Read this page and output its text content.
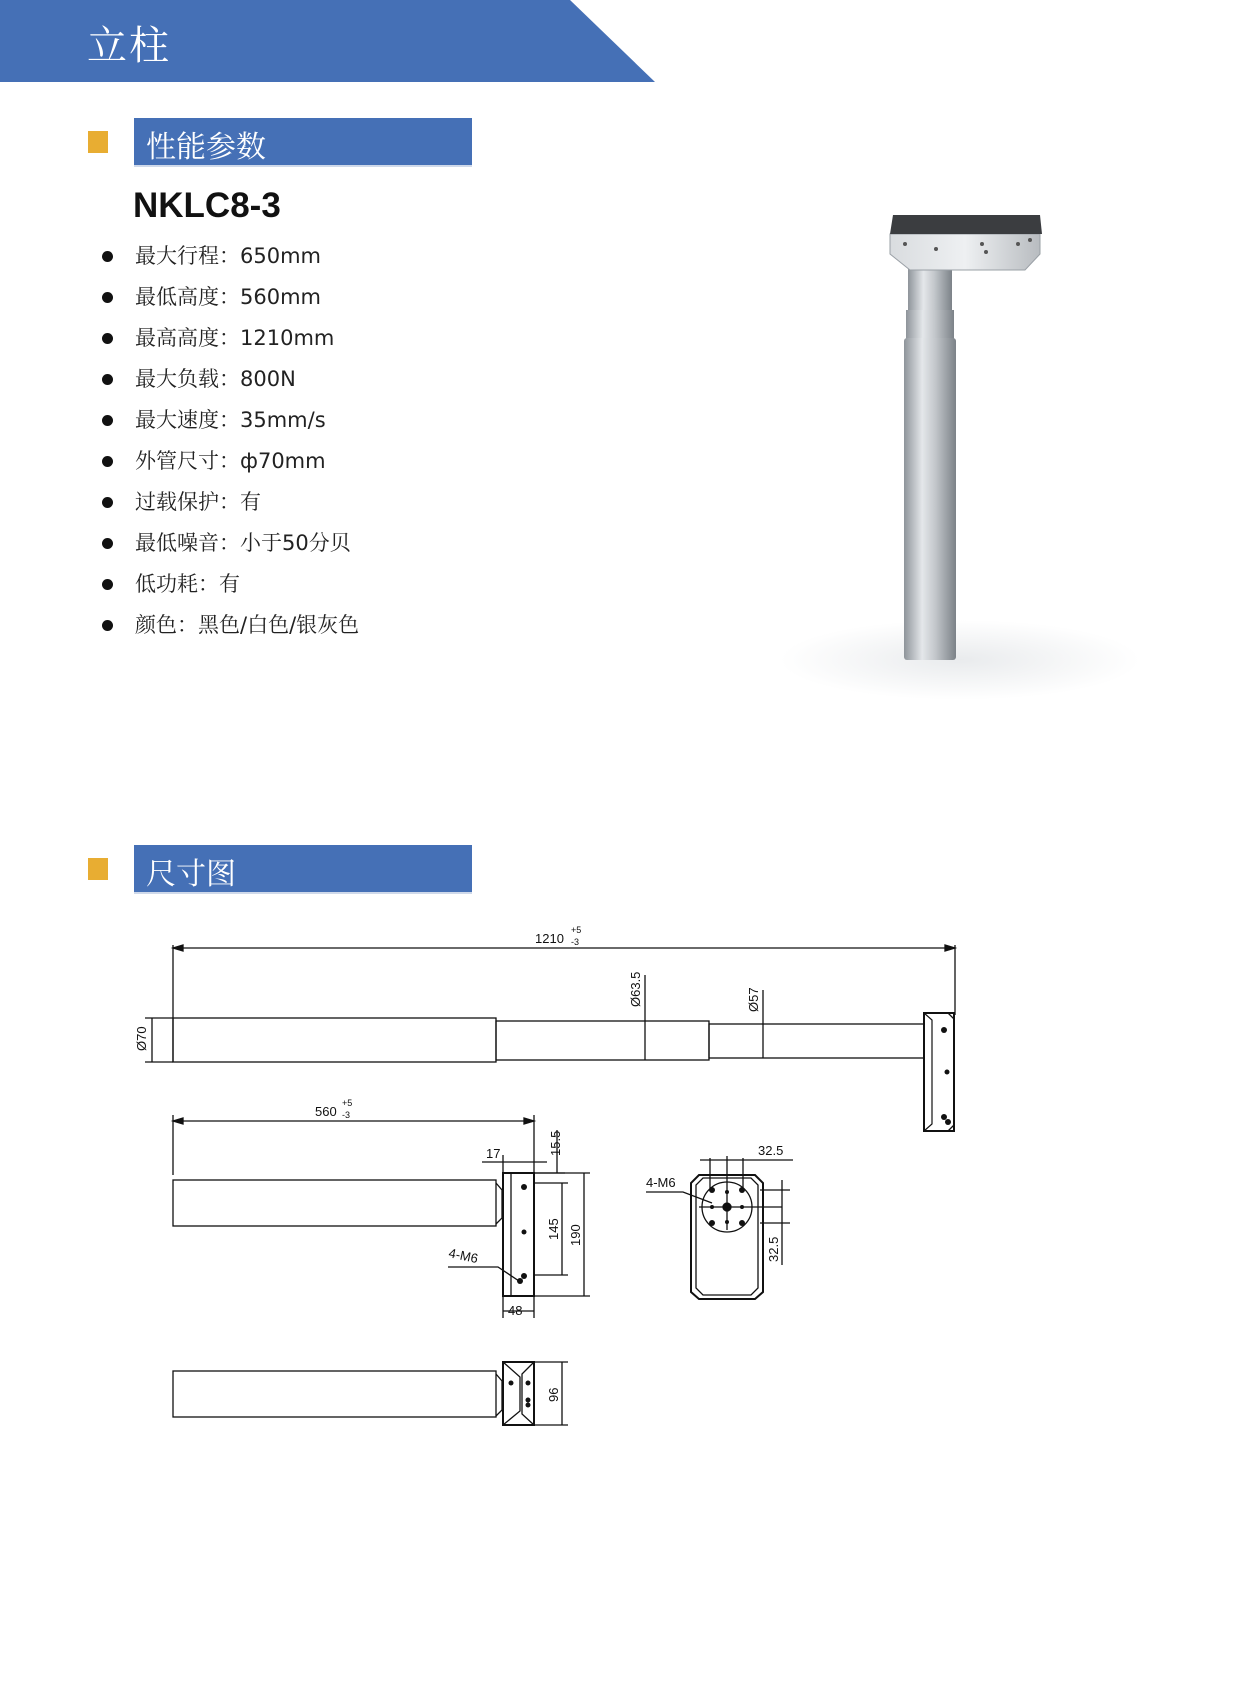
立柱
性能参数
NKLC8-3
最大行程：650mm
最低高度：560mm
最高高度：1210mm
最大负载：800N
最大速度：35mm/s
外管尺寸：ф70mm
过载保护：有
最低噪音：小于50分贝
低功耗：有
颜色：黑色/白色/银灰色
尺寸图
1210
+5
-3
Ø70
Ø63.5	Ø57
560
+5
-3
17	15.5
145 190
48
4-M6
32.5
32.5
4-M6
96
